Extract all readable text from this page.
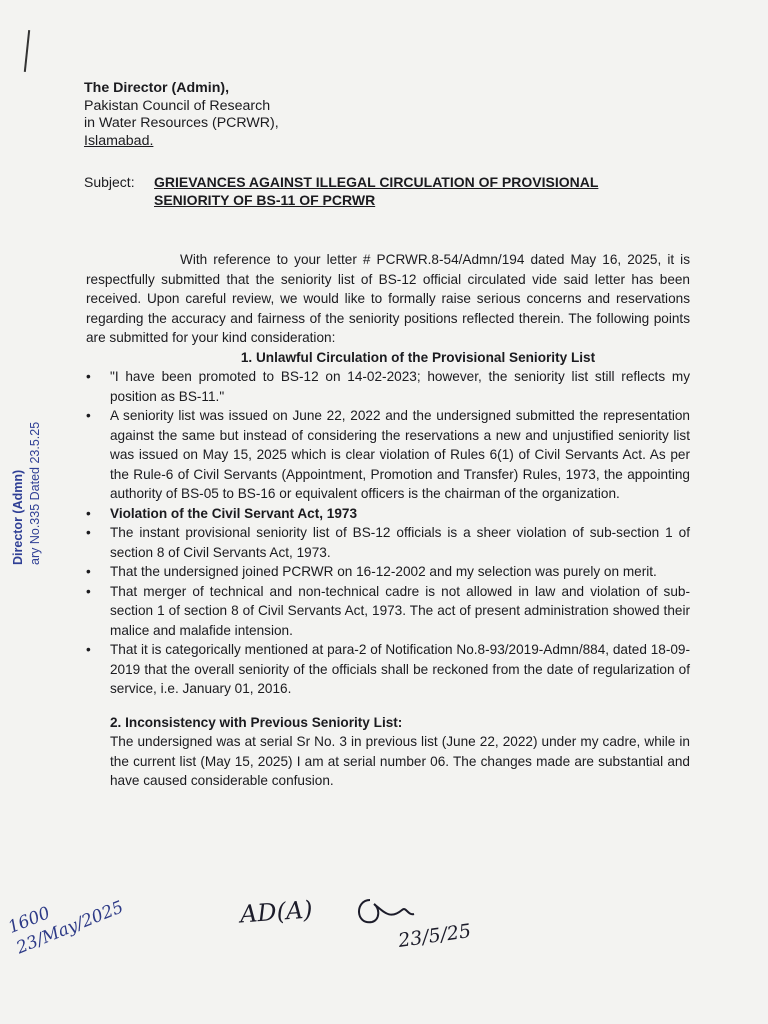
The Director (Admin),
Pakistan Council of Research
in Water Resources (PCRWR),
Islamabad.
Subject: GRIEVANCES AGAINST ILLEGAL CIRCULATION OF PROVISIONAL SENIORITY OF BS-11 OF PCRWR

With reference to your letter # PCRWR.8-54/Admn/194 dated May 16, 2025, it is respectfully submitted that the seniority list of BS-12 official circulated vide said letter has been received. Upon careful review, we would like to formally raise serious concerns and reservations regarding the accuracy and fairness of the seniority positions reflected therein. The following points are submitted for your kind consideration:

1. Unlawful Circulation of the Provisional Seniority List

• "I have been promoted to BS-12 on 14-02-2023; however, the seniority list still reflects my position as BS-11."
• A seniority list was issued on June 22, 2022 and the undersigned submitted the representation against the same but instead of considering the reservations a new and unjustified seniority list was issued on May 15, 2025 which is clear violation of Rules 6(1) of Civil Servants Act. As per the Rule-6 of Civil Servants (Appointment, Promotion and Transfer) Rules, 1973, the appointing authority of BS-05 to BS-16 or equivalent officers is the chairman of the organization.
• Violation of the Civil Servant Act, 1973
• The instant provisional seniority list of BS-12 officials is a sheer violation of sub-section 1 of section 8 of Civil Servants Act, 1973.
• That the undersigned joined PCRWR on 16-12-2002 and my selection was purely on merit.
• That merger of technical and non-technical cadre is not allowed in law and violation of sub-section 1 of section 8 of Civil Servants Act, 1973. The act of present administration showed their malice and malafide intension.
• That it is categorically mentioned at para-2 of Notification No.8-93/2019-Admn/884, dated 18-09-2019 that the overall seniority of the officials shall be reckoned from the date of regularization of service, i.e. January 01, 2016.
2. Inconsistency with Previous Seniority List:

The undersigned was at serial Sr No. 3 in previous list (June 22, 2022) under my cadre, while in the current list (May 15, 2025) I am at serial number 06. The changes made are substantial and have caused considerable confusion.

Director (Admn) ary No.335 Dated 23.5.25
1600 23/May/2025	AD(A)
23/5/25
